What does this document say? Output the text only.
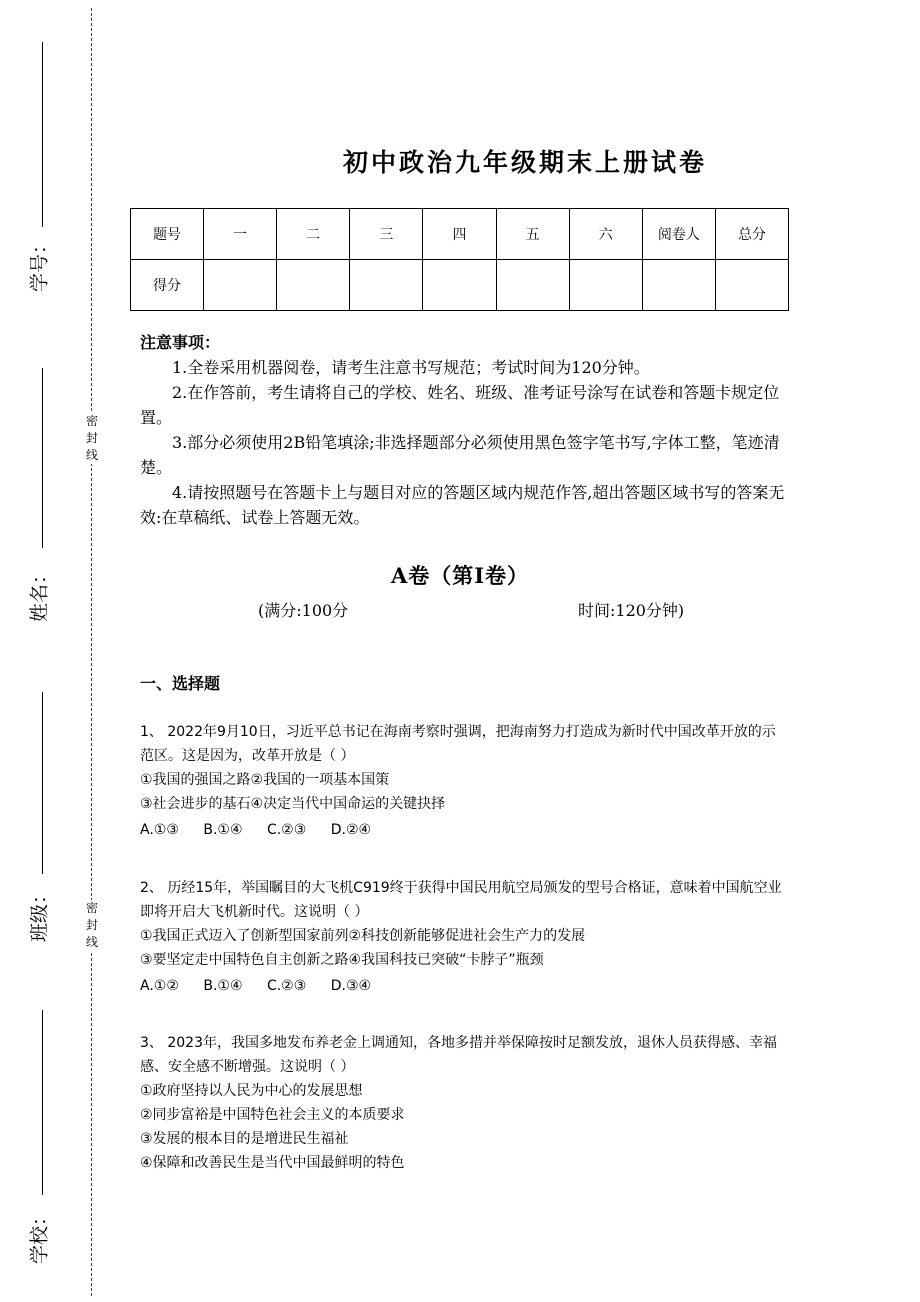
学号：
姓名：
班级：
学校：
密
封
线
密
封
线
初中政治九年级期末上册试卷
题号	一	二	三	四	五	六	阅卷人	总分
得分								
注意事项：

1.全卷采用机器阅卷，请考生注意书写规范；考试时间为120分钟。

2.在作答前，考生请将自己的学校、姓名、班级、准考证号涂写在试卷和答题卡规定位置。

3.部分必须使用2B铅笔填涂;非选择题部分必须使用黑色签字笔书写,字体工整，笔迹清楚。

4.请按照题号在答题卡上与题目对应的答题区域内规范作答,超出答题区域书写的答案无效:在草稿纸、试卷上答题无效。

A卷（第I卷）
(满分:100分	时间:120分钟)
一、选择题

1、 2022年9月10日，习近平总书记在海南考察时强调，把海南努力打造成为新时代中国改革开放的示范区。这是因为，改革开放是（ ）

①我国的强国之路②我国的一项基本国策

③社会进步的基石④决定当代中国命运的关键抉择

A.①③ B.①④ C.②③ D.②④

2、 历经15年，举国瞩目的大飞机C919终于获得中国民用航空局颁发的型号合格证，意味着中国航空业即将开启大飞机新时代。这说明（ ）

①我国正式迈入了创新型国家前列②科技创新能够促进社会生产力的发展

③要坚定走中国特色自主创新之路④我国科技已突破“卡脖子”瓶颈

A.①② B.①④ C.②③ D.③④

3、 2023年，我国多地发布养老金上调通知，各地多措并举保障按时足额发放，退休人员获得感、幸福感、安全感不断增强。这说明（ ）

①政府坚持以人民为中心的发展思想

②同步富裕是中国特色社会主义的本质要求

③发展的根本目的是增进民生福祉

④保障和改善民生是当代中国最鲜明的特色
